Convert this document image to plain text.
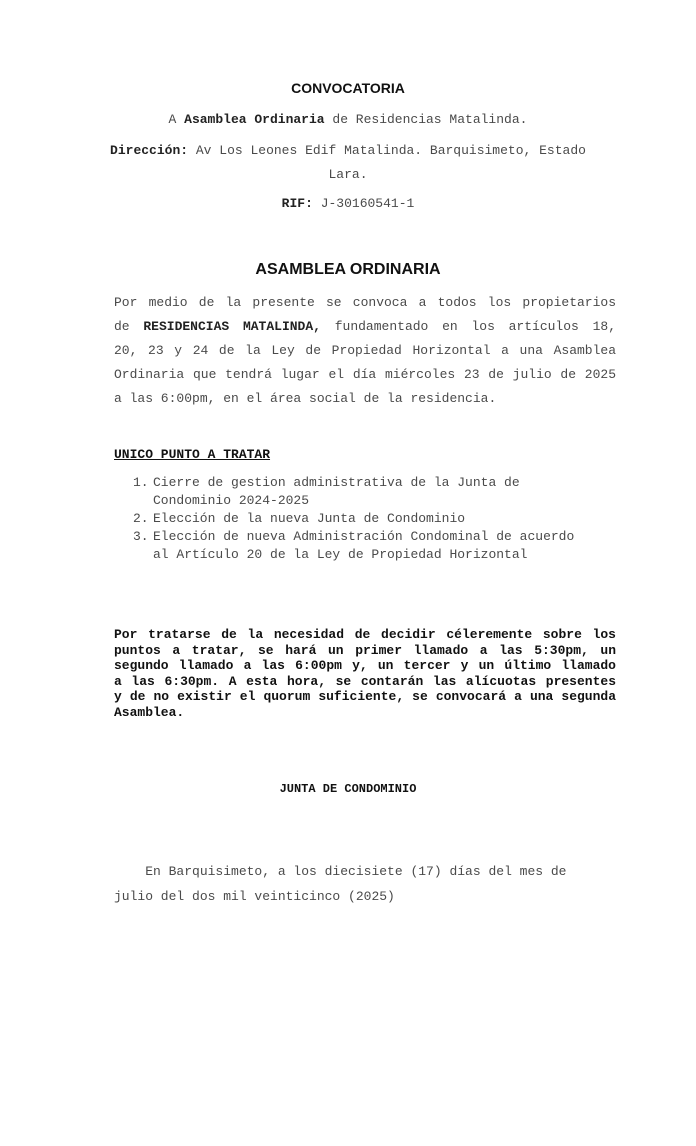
CONVOCATORIA
A Asamblea Ordinaria de Residencias Matalinda.
Dirección: Av Los Leones Edif Matalinda. Barquisimeto, Estado
Lara.
RIF: J-30160541-1
ASAMBLEA ORDINARIA
Por medio de la presente se convoca a todos los propietarios
de RESIDENCIAS MATALINDA, fundamentado en los artículos 18,
20, 23 y 24 de la Ley de Propiedad Horizontal a una Asamblea
Ordinaria que tendrá lugar el día miércoles 23 de julio de 2025
a las 6:00pm, en el área social de la residencia.
UNICO PUNTO A TRATAR
1. Cierre de gestion administrativa de la Junta de
Condominio 2024-2025
2. Elección de la nueva Junta de Condominio
3. Elección de nueva Administración Condominal de acuerdo
al Artículo 20 de la Ley de Propiedad Horizontal
Por tratarse de la necesidad de decidir céleremente sobre los
puntos a tratar, se hará un primer llamado a las 5:30pm, un
segundo llamado a las 6:00pm y, un tercer y un último llamado
a las 6:30pm. A esta hora, se contarán las alícuotas presentes
y de no existir el quorum suficiente, se convocará a una segunda
Asamblea.
JUNTA DE CONDOMINIO
En Barquisimeto, a los diecisiete (17) días del mes de
julio del dos mil veinticinco (2025)
